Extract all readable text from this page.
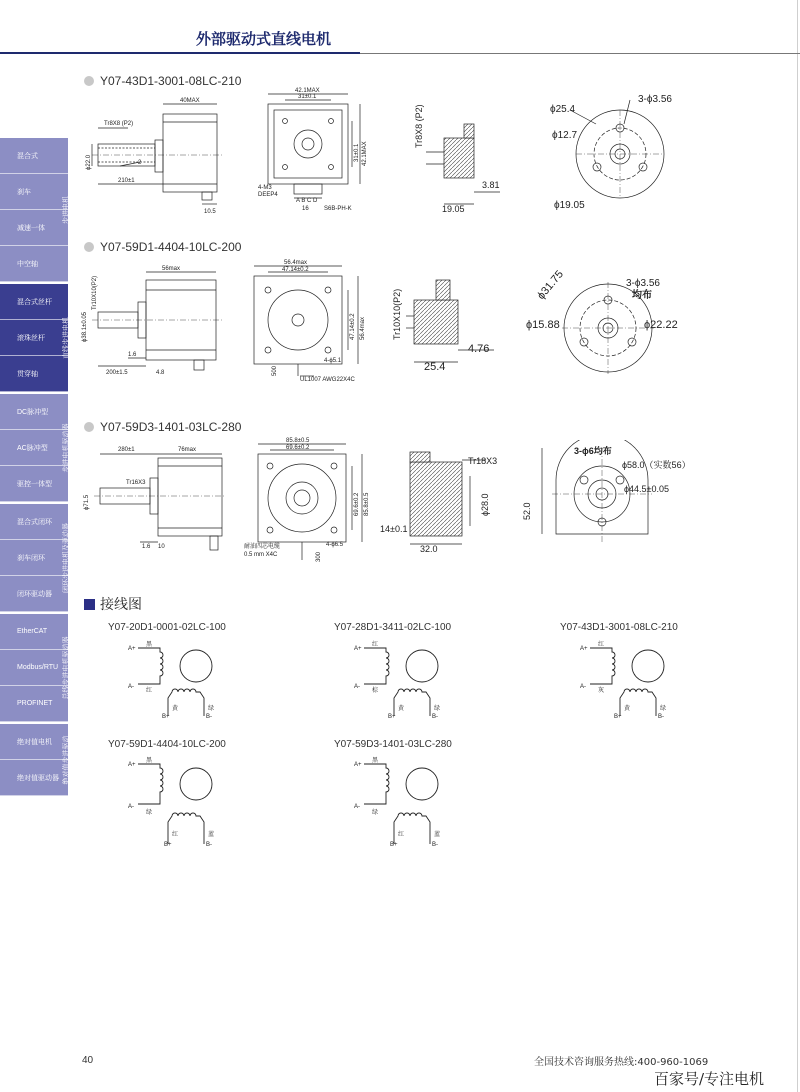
外部驱动式直线电机
混合式
刹车
减速一体
中空轴
步进电机
混合式丝杆
滚珠丝杆
贯穿轴
直线步进电机
DC脉冲型
AC脉冲型
驱控一体型
步进电机驱动器
混合式闭环
刹车闭环
闭环驱动器
闭环步进电机及驱动器
EtherCAT
Modbus/RTU
PROFINET
总线步进电机驱动器
绝对值电机
绝对值驱动器 绝对值步进驱动
Y07-43D1-3001-08LC-210
40MAX
Tr8X8 (P2)
ϕ22.0	2
210±1
10.5
42.1MAX
31±0.1
42.1MAX
31±0.1
4-M3
DEEP4
A B C D
16	S6B-PH-K
Tr8X8 (P2)
3.81
19.05
ϕ25.4
3-ϕ3.56
ϕ12.7
ϕ19.05
Y07-59D1-4404-10LC-200
56max
Tr10X10(P2)
ϕ38.1±0.05
1.6
200±1.5	4.8
56.4max
47.14±0.2
47.14±0.2 56.4max
4-ϕ5.1
500
UL1007 AWG22X4C
Tr10X10(P2)
4.76
25.4
ϕ31.75	3-ϕ3.56
均布
ϕ15.88	ϕ22.22
Y07-59D3-1401-03LC-280
280±1	76max
Tr16X3
ϕ71.5
1.6 10
85.8±0.5
69.6±0.2
69.6±0.2 85.8±0.5
耐油四芯电缆
0.5 mm X4C
4-ϕ6.5
300
Tr18X3
ϕ28.0
14±0.1
32.0
3-ϕ6均布
ϕ58.0（实数56）
ϕ44.5±0.05
52.0
接线图
Y07-20D1-0001-02LC-100	Y07-28D1-3411-02LC-100	Y07-43D1-3001-08LC-210
Y07-59D1-4404-10LC-200	Y07-59D3-1401-03LC-280
A+
A-
黑
红
B+	B-
黄	绿
A+
A-
红
棕
B+	B-
黄	绿
A+
A-
红
灰
B+	B-
黄	绿
A+
A-
黑
绿
B+	B-
红	蓝
A+
A-
黑
绿
B+	B-
红	蓝
40	全国技术咨询服务热线:400-960-1069
百家号/专注电机
